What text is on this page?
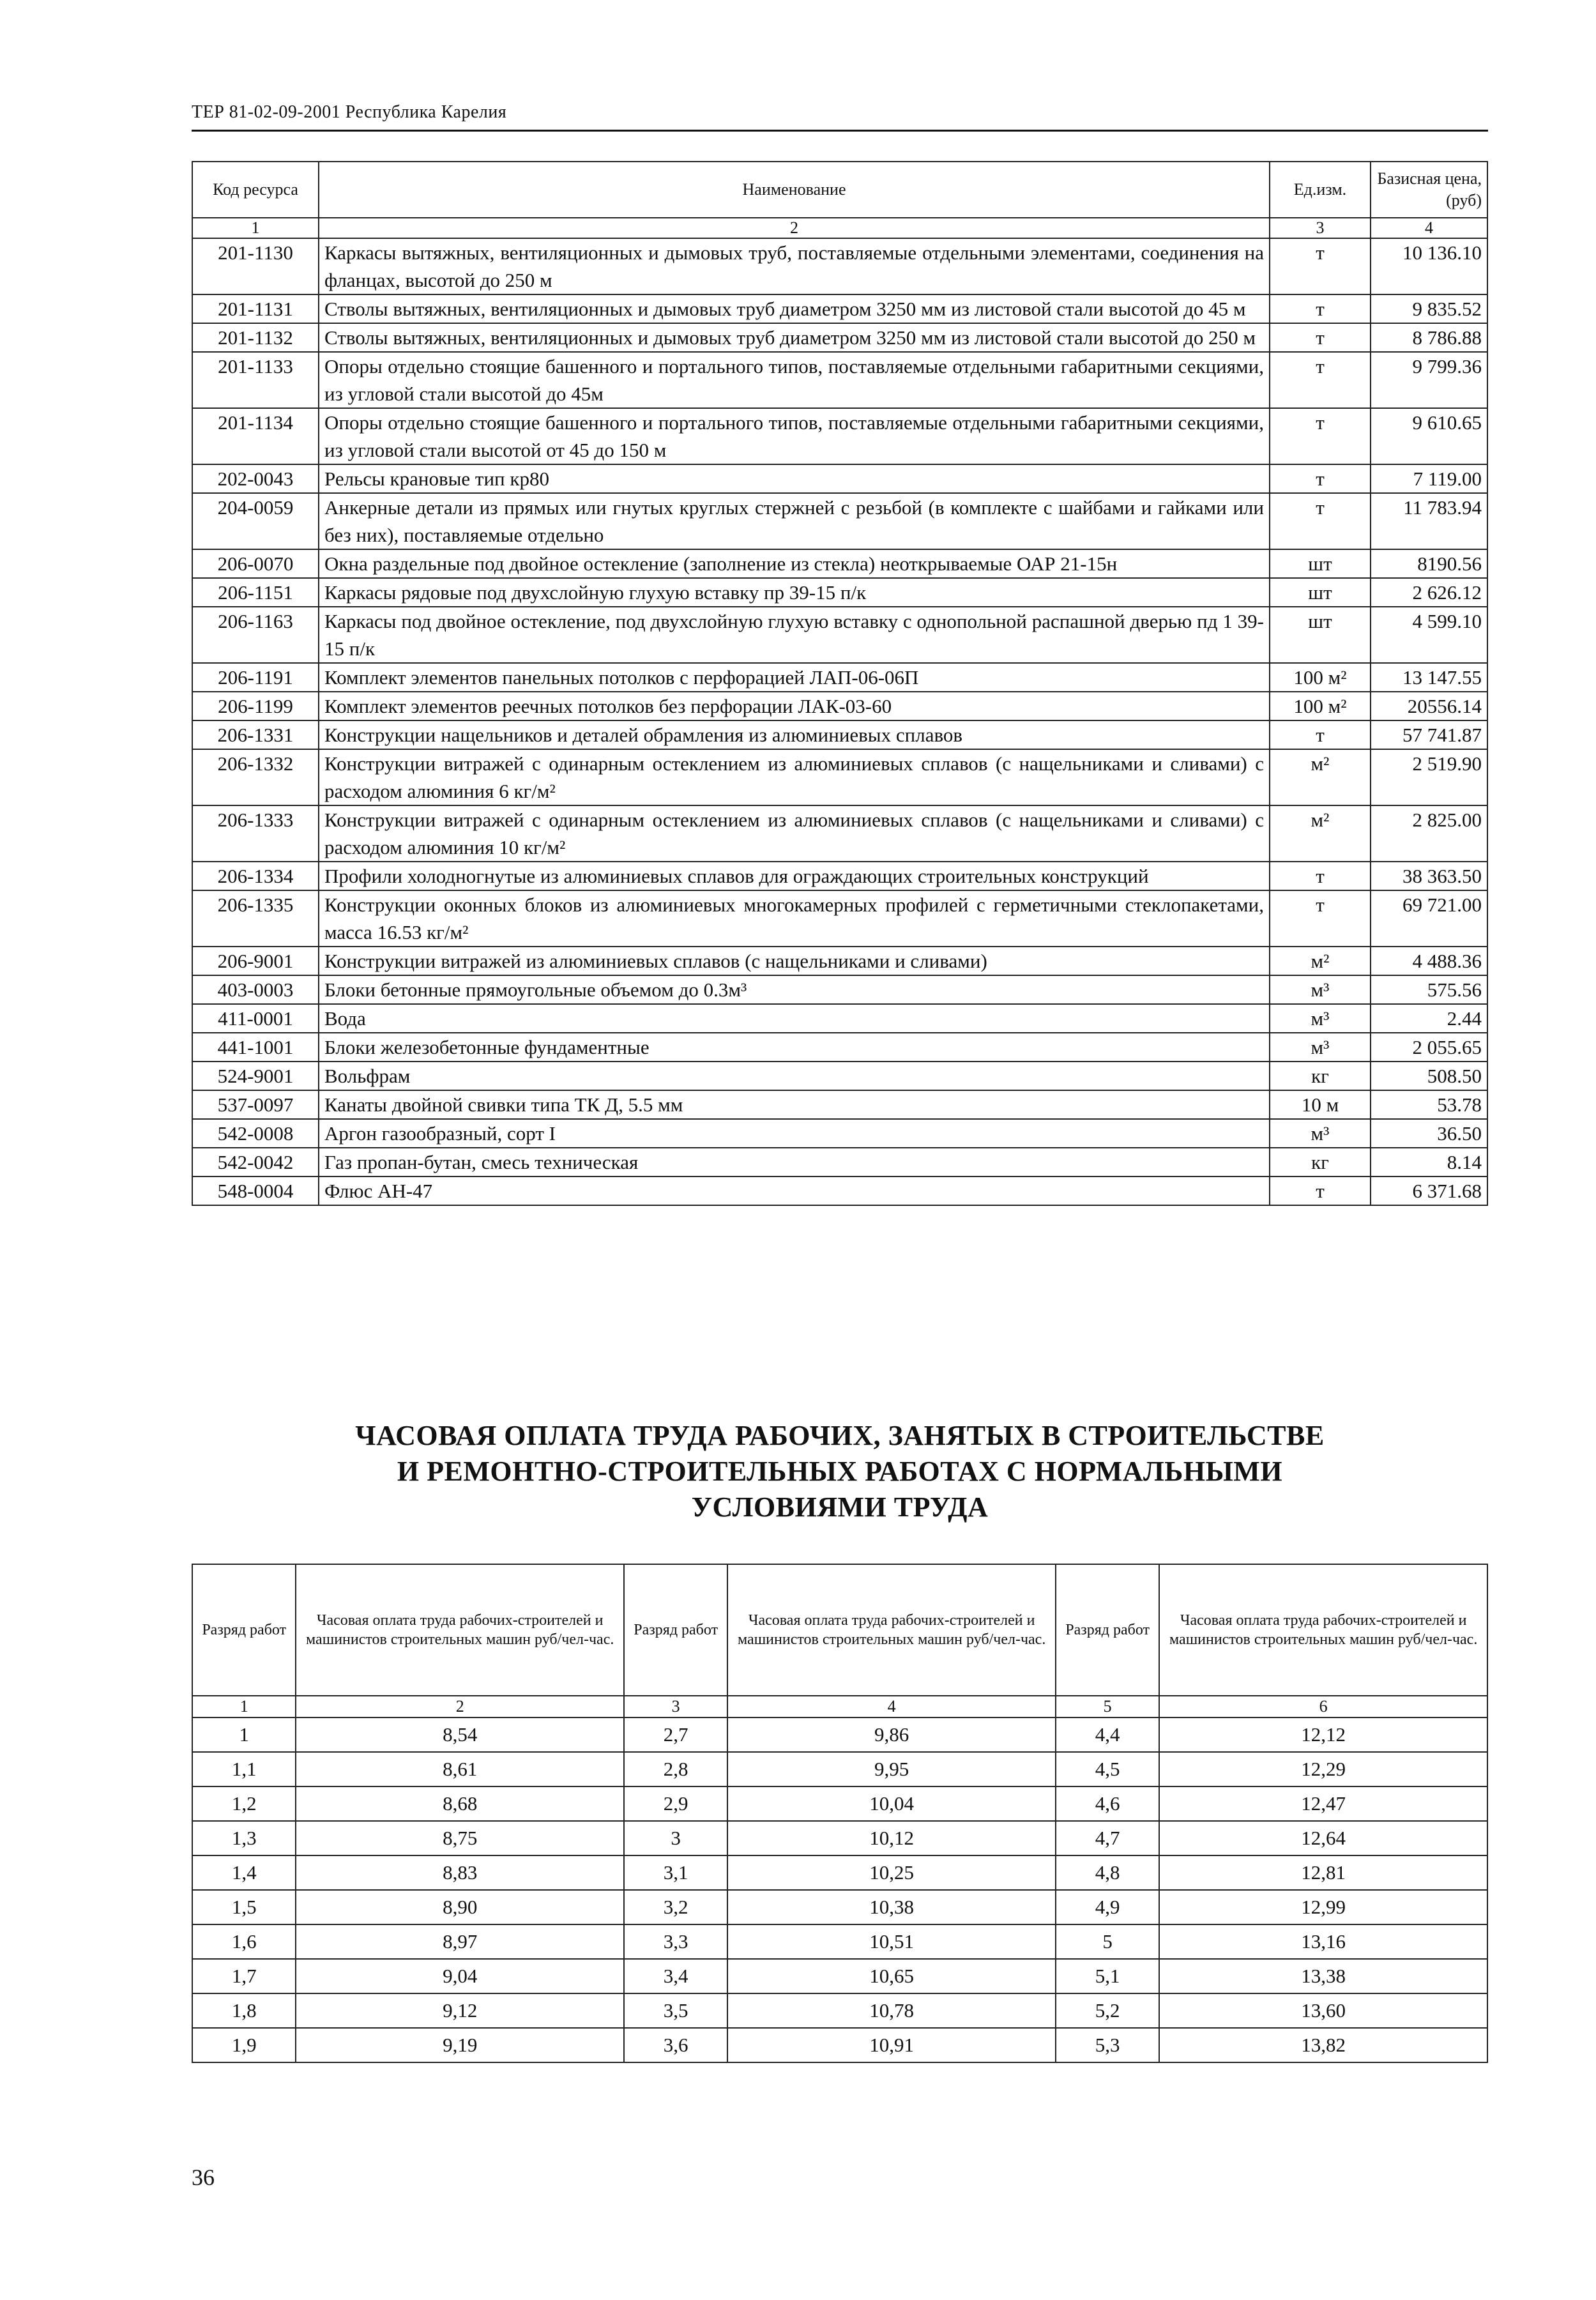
ТЕР 81-02-09-2001 Республика Карелия
Код ресурса	Наименование	Ед.изм.	Базисная цена, (руб)
1	2	3	4
201-1130	Каркасы вытяжных, вентиляционных и дымовых труб, поставляемые отдельными элементами, соединения на фланцах, высотой до 250 м	т	10 136.10
201-1131	Стволы вытяжных, вентиляционных и дымовых труб диаметром 3250 мм из листовой стали высотой до 45 м	т	9 835.52
201-1132	Стволы вытяжных, вентиляционных и дымовых труб диаметром 3250 мм из листовой стали высотой до 250 м	т	8 786.88
201-1133	Опоры отдельно стоящие башенного и портального типов, поставляемые отдельными габаритными секциями, из угловой стали высотой до 45м	т	9 799.36
201-1134	Опоры отдельно стоящие башенного и портального типов, поставляемые отдельными габаритными секциями, из угловой стали высотой от 45 до 150 м	т	9 610.65
202-0043	Рельсы крановые тип кр80	т	7 119.00
204-0059	Анкерные детали из прямых или гнутых круглых стержней с резьбой (в комплекте с шайбами и гайками или без них), поставляемые отдельно	т	11 783.94
206-0070	Окна раздельные под двойное остекление (заполнение из стекла) неоткрываемые ОАР 21-15н	шт	8190.56
206-1151	Каркасы рядовые под двухслойную глухую вставку пр 39-15 п/к	шт	2 626.12
206-1163	Каркасы под двойное остекление, под двухслойную глухую вставку с однопольной распашной дверью пд 1 39-15 п/к	шт	4 599.10
206-1191	Комплект элементов панельных потолков с перфорацией ЛАП-06-06П	100 м²	13 147.55
206-1199	Комплект элементов реечных потолков без перфорации ЛАК-03-60	100 м²	20556.14
206-1331	Конструкции нащельников и деталей обрамления из алюминиевых сплавов	т	57 741.87
206-1332	Конструкции витражей с одинарным остеклением из алюминиевых сплавов (с нащельниками и сливами) с расходом алюминия 6 кг/м²	м²	2 519.90
206-1333	Конструкции витражей с одинарным остеклением из алюминиевых сплавов (с нащельниками и сливами) с расходом алюминия 10 кг/м²	м²	2 825.00
206-1334	Профили холодногнутые из алюминиевых сплавов для ограждающих строительных конструкций	т	38 363.50
206-1335	Конструкции оконных блоков из алюминиевых многокамерных профилей с герметичными стеклопакетами, масса 16.53 кг/м²	т	69 721.00
206-9001	Конструкции витражей из алюминиевых сплавов (с нащельниками и сливами)	м²	4 488.36
403-0003	Блоки бетонные прямоугольные объемом до 0.3м³	м³	575.56
411-0001	Вода	м³	2.44
441-1001	Блоки железобетонные фундаментные	м³	2 055.65
524-9001	Вольфрам	кг	508.50
537-0097	Канаты двойной свивки типа ТК Д, 5.5 мм	10 м	53.78
542-0008	Аргон газообразный, сорт I	м³	36.50
542-0042	Газ пропан-бутан, смесь техническая	кг	8.14
548-0004	Флюс АН-47	т	6 371.68
ЧАСОВАЯ ОПЛАТА ТРУДА РАБОЧИХ, ЗАНЯТЫХ В СТРОИТЕЛЬСТВЕ
И РЕМОНТНО-СТРОИТЕЛЬНЫХ РАБОТАХ С НОРМАЛЬНЫМИ
УСЛОВИЯМИ ТРУДА
Разряд работ	Часовая оплата труда рабочих-строителей и машинистов строительных машин руб/чел-час.	Разряд работ	Часовая оплата труда рабочих-строителей и машинистов строительных машин руб/чел-час.	Разряд работ	Часовая оплата труда рабочих-строителей и машинистов строительных машин руб/чел-час.
1	2	3	4	5	6
1	8,54	2,7	9,86	4,4	12,12
1,1	8,61	2,8	9,95	4,5	12,29
1,2	8,68	2,9	10,04	4,6	12,47
1,3	8,75	3	10,12	4,7	12,64
1,4	8,83	3,1	10,25	4,8	12,81
1,5	8,90	3,2	10,38	4,9	12,99
1,6	8,97	3,3	10,51	5	13,16
1,7	9,04	3,4	10,65	5,1	13,38
1,8	9,12	3,5	10,78	5,2	13,60
1,9	9,19	3,6	10,91	5,3	13,82
36
